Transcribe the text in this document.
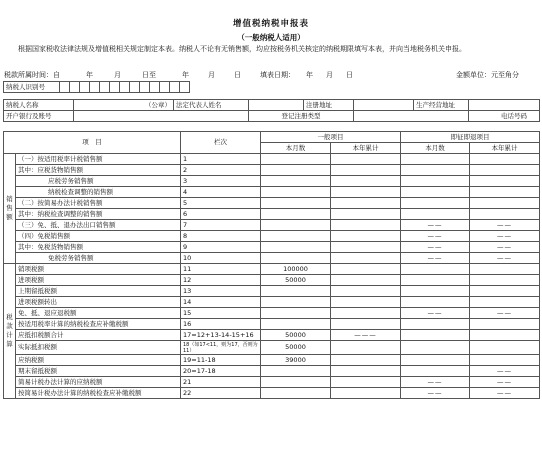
增值税纳税申报表
（一般纳税人适用）
根据国家税收法律法规及增值税相关规定制定本表。纳税人不论有无销售额，均应按税务机关核定的纳税期限填写本表，并向当地税务机关申报。
税款所属时间：自	年	月	日至	年	月	日	填表日期： 年 月 日	金额单位：元至角分
纳税人识别号													
纳税人名称	（公章）	法定代表人姓名		注册地址		生产经营地址	
开户银行及账号			登记注册类型				电话号码
项　目		栏次	一般项目		即征即退项目	
			本月数	本年累计	本月数	本年累计
销售额	（一）按适用税率计税销售额	1				
	其中：应税货物销售额	2				
	应税劳务销售额	3				
	纳税检查调整的销售额	4				
	（二）按简易办法计税销售额	5				
	其中：纳税检查调整的销售额	6				
	（三）免、抵、退办法出口销售额	7			——	——
	（四）免税销售额	8			——	——
	其中：免税货物销售额	9			——	——
	免税劳务销售额	10			——	——
税款计算	销项税额	11	100000			
	进项税额	12	50000			
	上期留抵税额	13				
	进项税额转出	14				
	免、抵、退应退税额	15			——	——
	按适用税率计算的纳税检查应补缴税额	16				
	应抵扣税额合计	17=12+13-14-15+16	50000	———		
	实际抵扣税额	18（如17<11，则为17，否则为11）	50000			
	应纳税额	19=11-18	39000			
	期末留抵税额	20=17-18				——
	简易计税办法计算的应纳税额	21			——	——
	按简易计税办法计算的纳税检查应补缴税额	22			——	——
